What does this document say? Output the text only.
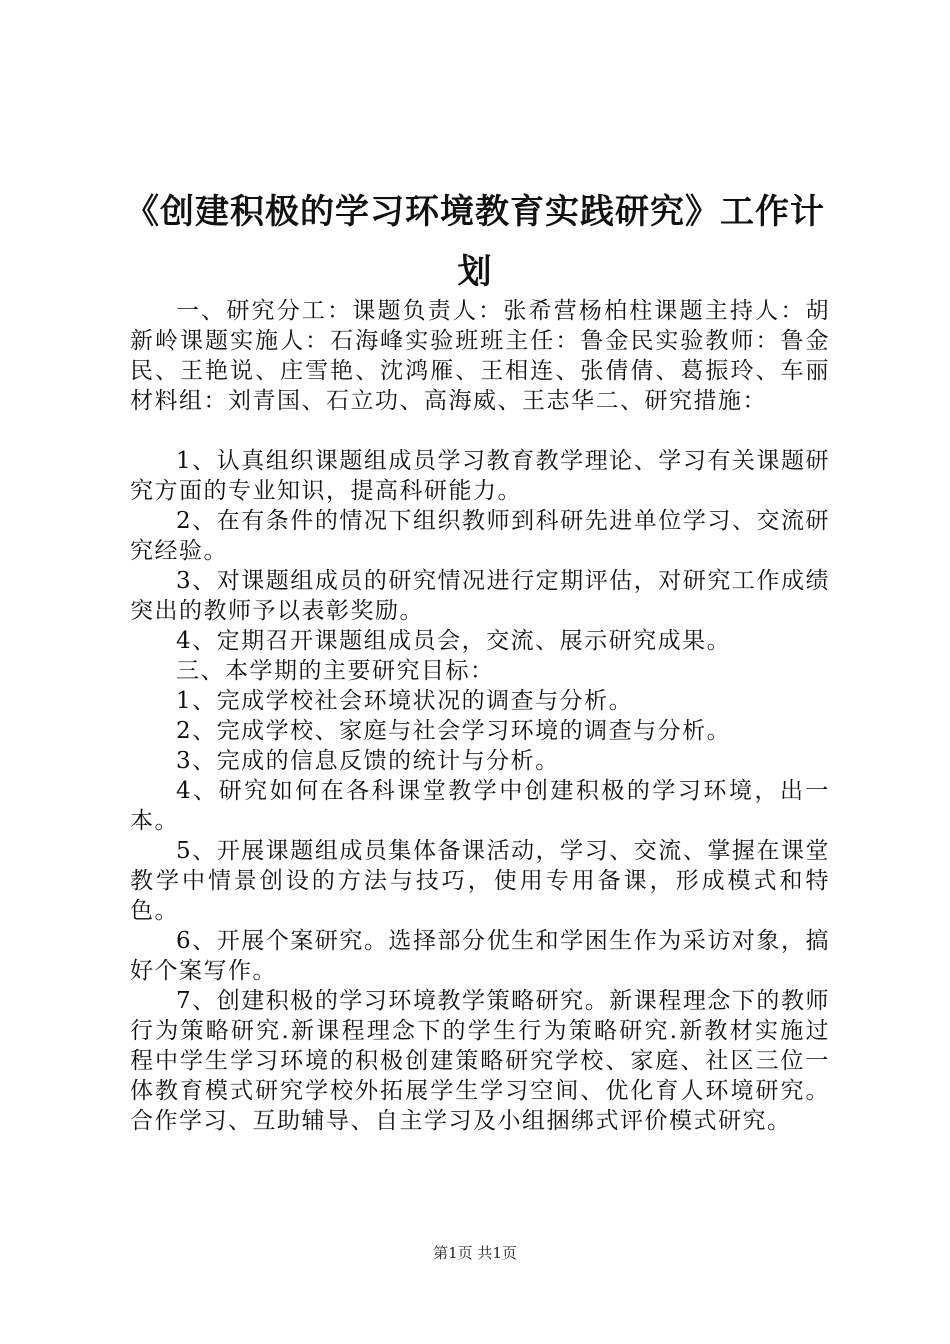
《创建积极的学习环境教育实践研究》工作计划

一、研究分工：课题负责人：张希营杨柏柱课题主持人：胡新岭课题实施人：石海峰实验班班主任：鲁金民实验教师：鲁金民、王艳说、庄雪艳、沈鸿雁、王相连、张倩倩、葛振玲、车丽材料组：刘青国、石立功、高海威、王志华二、研究措施：

1、认真组织课题组成员学习教育教学理论、学习有关课题研究方面的专业知识，提高科研能力。

2、在有条件的情况下组织教师到科研先进单位学习、交流研究经验。

3、对课题组成员的研究情况进行定期评估，对研究工作成绩突出的教师予以表彰奖励。

4、定期召开课题组成员会，交流、展示研究成果。

三、本学期的主要研究目标：

1、完成学校社会环境状况的调查与分析。

2、完成学校、家庭与社会学习环境的调查与分析。

3、完成的信息反馈的统计与分析。

4、研究如何在各科课堂教学中创建积极的学习环境，出一本。

5、开展课题组成员集体备课活动，学习、交流、掌握在课堂教学中情景创设的方法与技巧，使用专用备课，形成模式和特色。

6、开展个案研究。选择部分优生和学困生作为采访对象，搞好个案写作。

7、创建积极的学习环境教学策略研究。新课程理念下的教师行为策略研究.新课程理念下的学生行为策略研究.新教材实施过程中学生学习环境的积极创建策略研究学校、家庭、社区三位一体教育模式研究学校外拓展学生学习空间、优化育人环境研究。合作学习、互助辅导、自主学习及小组捆绑式评价模式研究。

第1页 共1页
